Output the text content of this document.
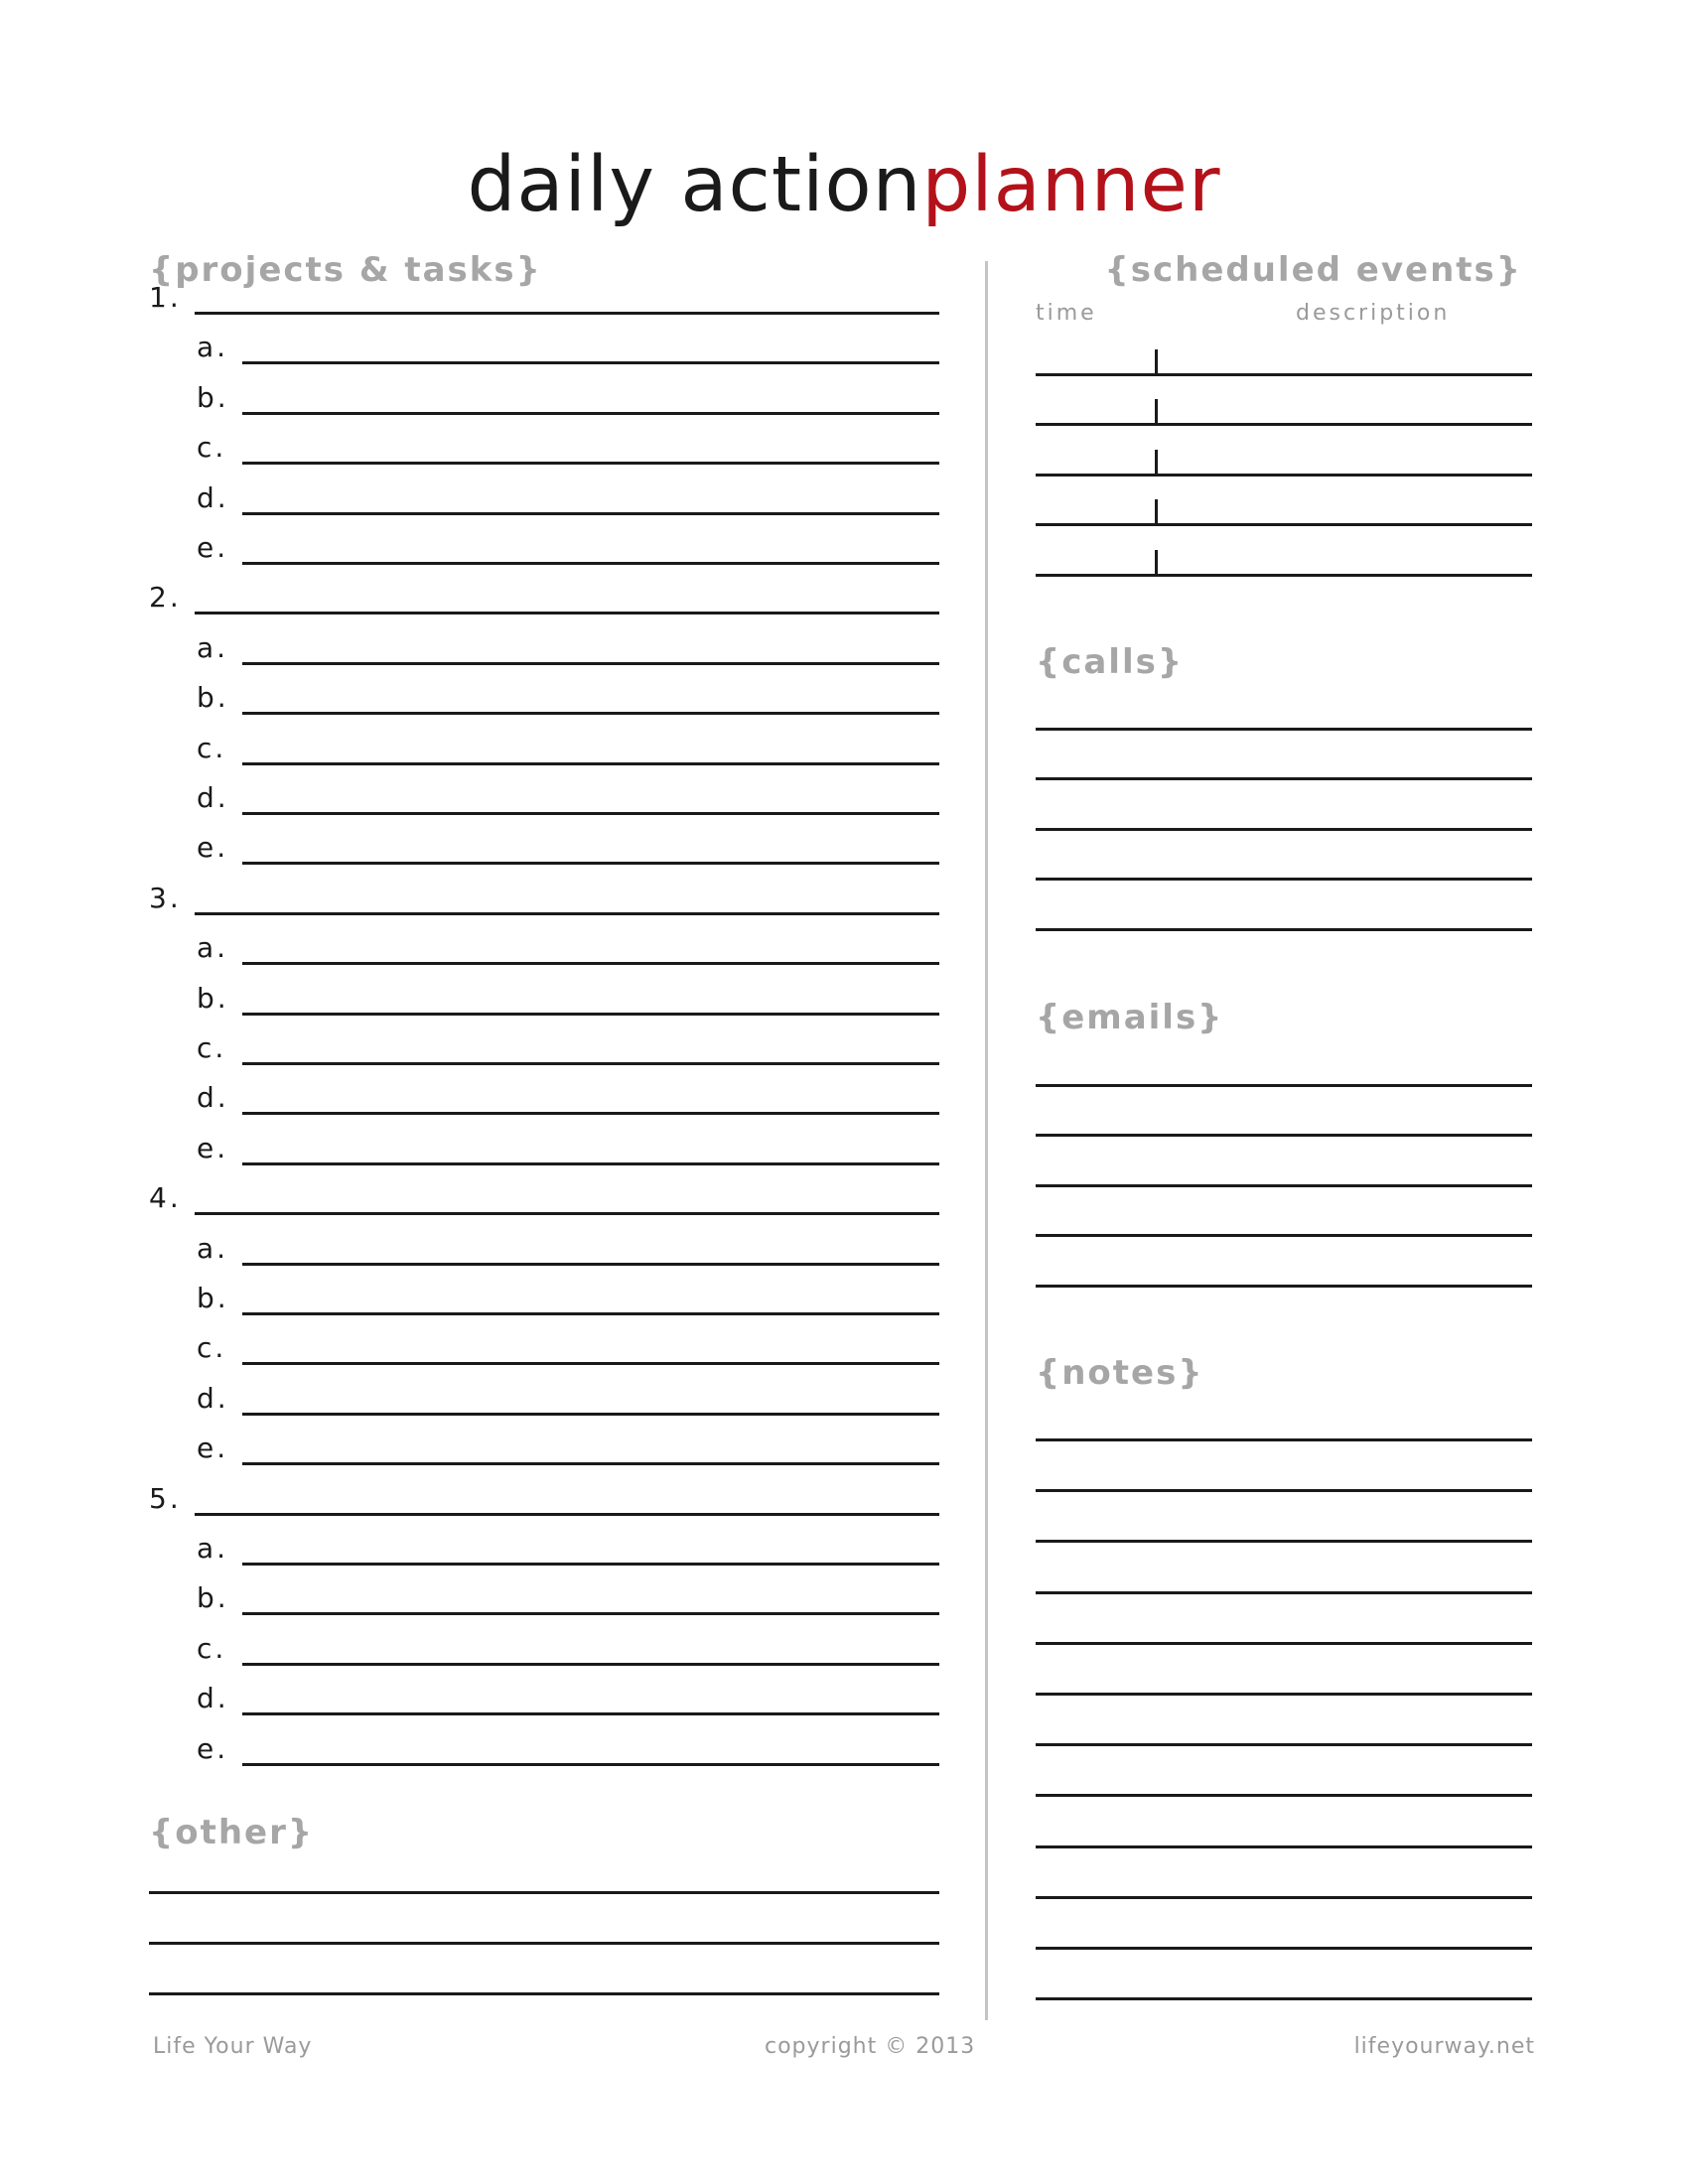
daily actionplanner
{projects & tasks}
1.
a.
b.
c.
d.
e.
2.
a.
b.
c.
d.
e.
3.
a.
b.
c.
d.
e.
4.
a.
b.
c.
d.
e.
5.
a.
b.
c.
d.
e.
{other}
{scheduled events}
time	description
{calls}
{emails}
{notes}
Life Your Way	copyright © 2013	lifeyourway.net
